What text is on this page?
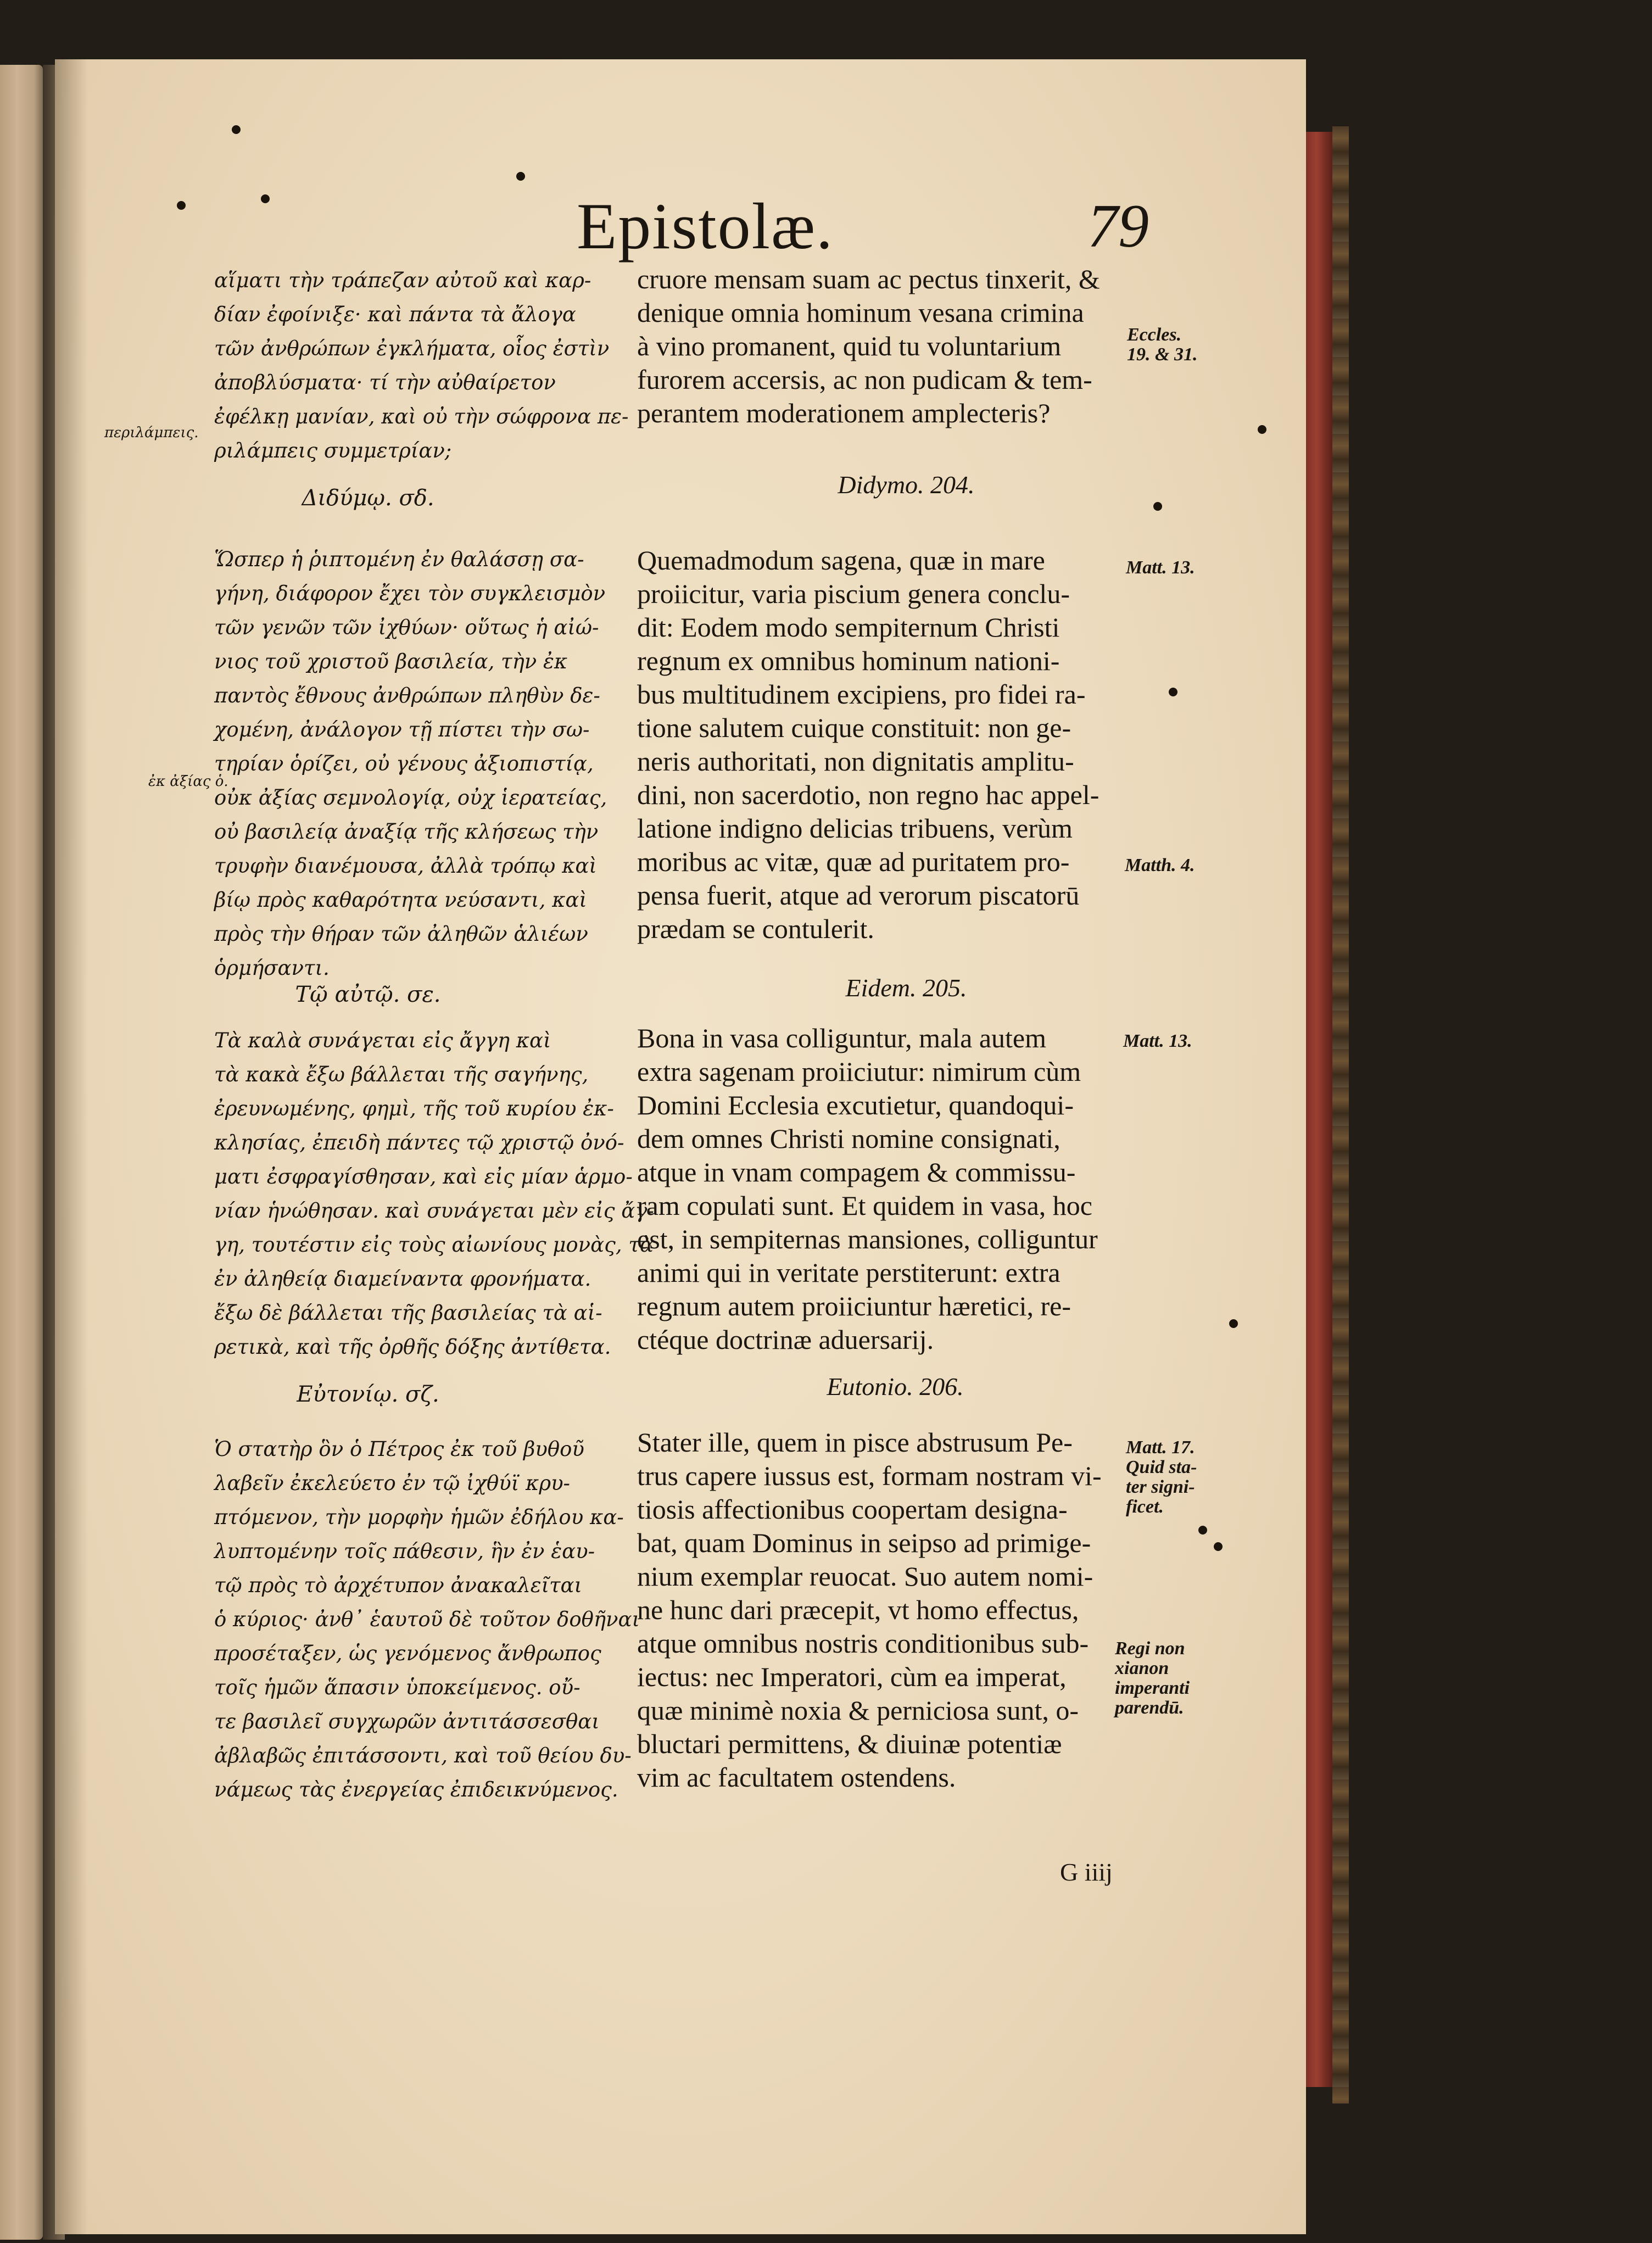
Epistolæ.	79
αἵματι τὴν τράπεζαν αὐτοῦ καὶ καρ-
δίαν ἐφοίνιξε· καὶ πάντα τὰ ἄλογα
τῶν ἀνθρώπων ἐγκλήματα, οἷος ἐστὶν
ἀποβλύσματα· τί τὴν αὐθαίρετον
ἐφέλκῃ μανίαν, καὶ οὐ τὴν σώφρονα πε-
ριλάμπεις συμμετρίαν;
Διδύμῳ. σδ.
Ὥσπερ ἡ ῥιπτομένη ἐν θαλάσσῃ σα-
γήνη, διάφορον ἔχει τὸν συγκλεισμὸν
τῶν γενῶν τῶν ἰχθύων· οὕτως ἡ αἰώ-
νιος τοῦ χριστοῦ βασιλεία, τὴν ἐκ
παντὸς ἔθνους ἀνθρώπων πληθὺν δε-
χομένη, ἀνάλογον τῇ πίστει τὴν σω-
τηρίαν ὁρίζει, οὐ γένους ἀξιοπιστίᾳ,
οὐκ ἀξίας σεμνολογίᾳ, οὐχ ἱερατείας,
οὐ βασιλείᾳ ἀναξίᾳ τῆς κλήσεως τὴν
τρυφὴν διανέμουσα, ἀλλὰ τρόπῳ καὶ
βίῳ πρὸς καθαρότητα νεύσαντι, καὶ
πρὸς τὴν θήραν τῶν ἀληθῶν ἁλιέων
ὁρμήσαντι.
Τῷ αὐτῷ. σε.
Τὰ καλὰ συνάγεται εἰς ἄγγη καὶ
τὰ κακὰ ἔξω βάλλεται τῆς σαγήνης,
ἐρευνωμένης, φημὶ, τῆς τοῦ κυρίου ἐκ-
κλησίας, ἐπειδὴ πάντες τῷ χριστῷ ὀνό-
ματι ἐσφραγίσθησαν, καὶ εἰς μίαν ἁρμο-
νίαν ἡνώθησαν. καὶ συνάγεται μὲν εἰς ἄγ-
γη, τουτέστιν εἰς τοὺς αἰωνίους μονὰς, τὰ
ἐν ἀληθείᾳ διαμείναντα φρονήματα.
ἔξω δὲ βάλλεται τῆς βασιλείας τὰ αἱ-
ρετικὰ, καὶ τῆς ὀρθῆς δόξης ἀντίθετα.
Εὐτονίῳ. σζ.
Ὁ στατὴρ ὃν ὁ Πέτρος ἐκ τοῦ βυθοῦ
λαβεῖν ἐκελεύετο ἐν τῷ ἰχθύϊ κρυ-
πτόμενον, τὴν μορφὴν ἡμῶν ἐδήλου κα-
λυπτομένην τοῖς πάθεσιν, ἣν ἐν ἑαυ-
τῷ πρὸς τὸ ἀρχέτυπον ἀνακαλεῖται
ὁ κύριος· ἀνθ᾽ ἑαυτοῦ δὲ τοῦτον δοθῆναι
προσέταξεν, ὡς γενόμενος ἄνθρωπος
τοῖς ἡμῶν ἅπασιν ὑποκείμενος. οὔ-
τε βασιλεῖ συγχωρῶν ἀντιτάσσεσθαι
ἀβλαβῶς ἐπιτάσσοντι, καὶ τοῦ θείου δυ-
νάμεως τὰς ἐνεργείας ἐπιδεικνύμενος.
περιλάμπεις.
ἐκ ἀξίας ὁ.
cruore mensam suam ac pectus tinxerit, &
denique omnia hominum vesana crimina
à vino promanent, quid tu voluntarium
furorem accersis, ac non pudicam & tem-
perantem moderationem amplecteris?
Didymo. 204.
Quemadmodum sagena, quæ in mare
proiicitur, varia piscium genera conclu-
dit: Eodem modo sempiternum Christi
regnum ex omnibus hominum nationi-
bus multitudinem excipiens, pro fidei ra-
tione salutem cuique constituit: non ge-
neris authoritati, non dignitatis amplitu-
dini, non sacerdotio, non regno hac appel-
latione indigno delicias tribuens, verùm
moribus ac vitæ, quæ ad puritatem pro-
pensa fuerit, atque ad verorum piscatorū
prædam se contulerit.
Eidem. 205.
Bona in vasa colliguntur, mala autem
extra sagenam proiiciutur: nimirum cùm
Domini Ecclesia excutietur, quandoqui-
dem omnes Christi nomine consignati,
atque in vnam compagem & commissu-
ram copulati sunt. Et quidem in vasa, hoc
est, in sempiternas mansiones, colliguntur
animi qui in veritate perstiterunt: extra
regnum autem proiiciuntur hæretici, re-
ctéque doctrinæ aduersarij.
Eutonio. 206.
Stater ille, quem in pisce abstrusum Pe-
trus capere iussus est, formam nostram vi-
tiosis affectionibus coopertam designa-
bat, quam Dominus in seipso ad primige-
nium exemplar reuocat. Suo autem nomi-
ne hunc dari præcepit, vt homo effectus,
atque omnibus nostris conditionibus sub-
iectus: nec Imperatori, cùm ea imperat,
quæ minimè noxia & perniciosa sunt, o-
bluctari permittens, & diuinæ potentiæ
vim ac facultatem ostendens.
G iiij
Eccles.
19. & 31.
Matt. 13.
Matth. 4.
Matt. 13.
Matt. 17.
Quid sta-
ter signi-
ficet.
Regi non
xianon
imperanti
parendū.
